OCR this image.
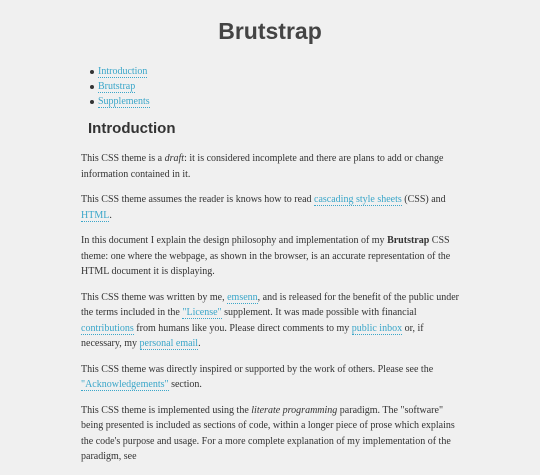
Brutstrap
Introduction
Brutstrap
Supplements
Introduction

This CSS theme is a draft: it is considered incomplete and there are plans to add or change information contained in it.

This CSS theme assumes the reader is knows how to read cascading style sheets (CSS) and HTML.

In this document I explain the design philosophy and implementation of my Brutstrap CSS theme: one where the webpage, as shown in the browser, is an accurate representation of the HTML document it is displaying.

This CSS theme was written by me, emsenn, and is released for the benefit of the public under the terms included in the "License" supplement. It was made possible with financial contributions from humans like you. Please direct comments to my public inbox or, if necessary, my personal email.

This CSS theme was directly inspired or supported by the work of others. Please see the "Acknowledgements" section.

This CSS theme is implemented using the literate programming paradigm. The "software" being presented is included as sections of code, within a longer piece of prose which explains the code's purpose and usage. For a more complete explanation of my implementation of the paradigm, see
